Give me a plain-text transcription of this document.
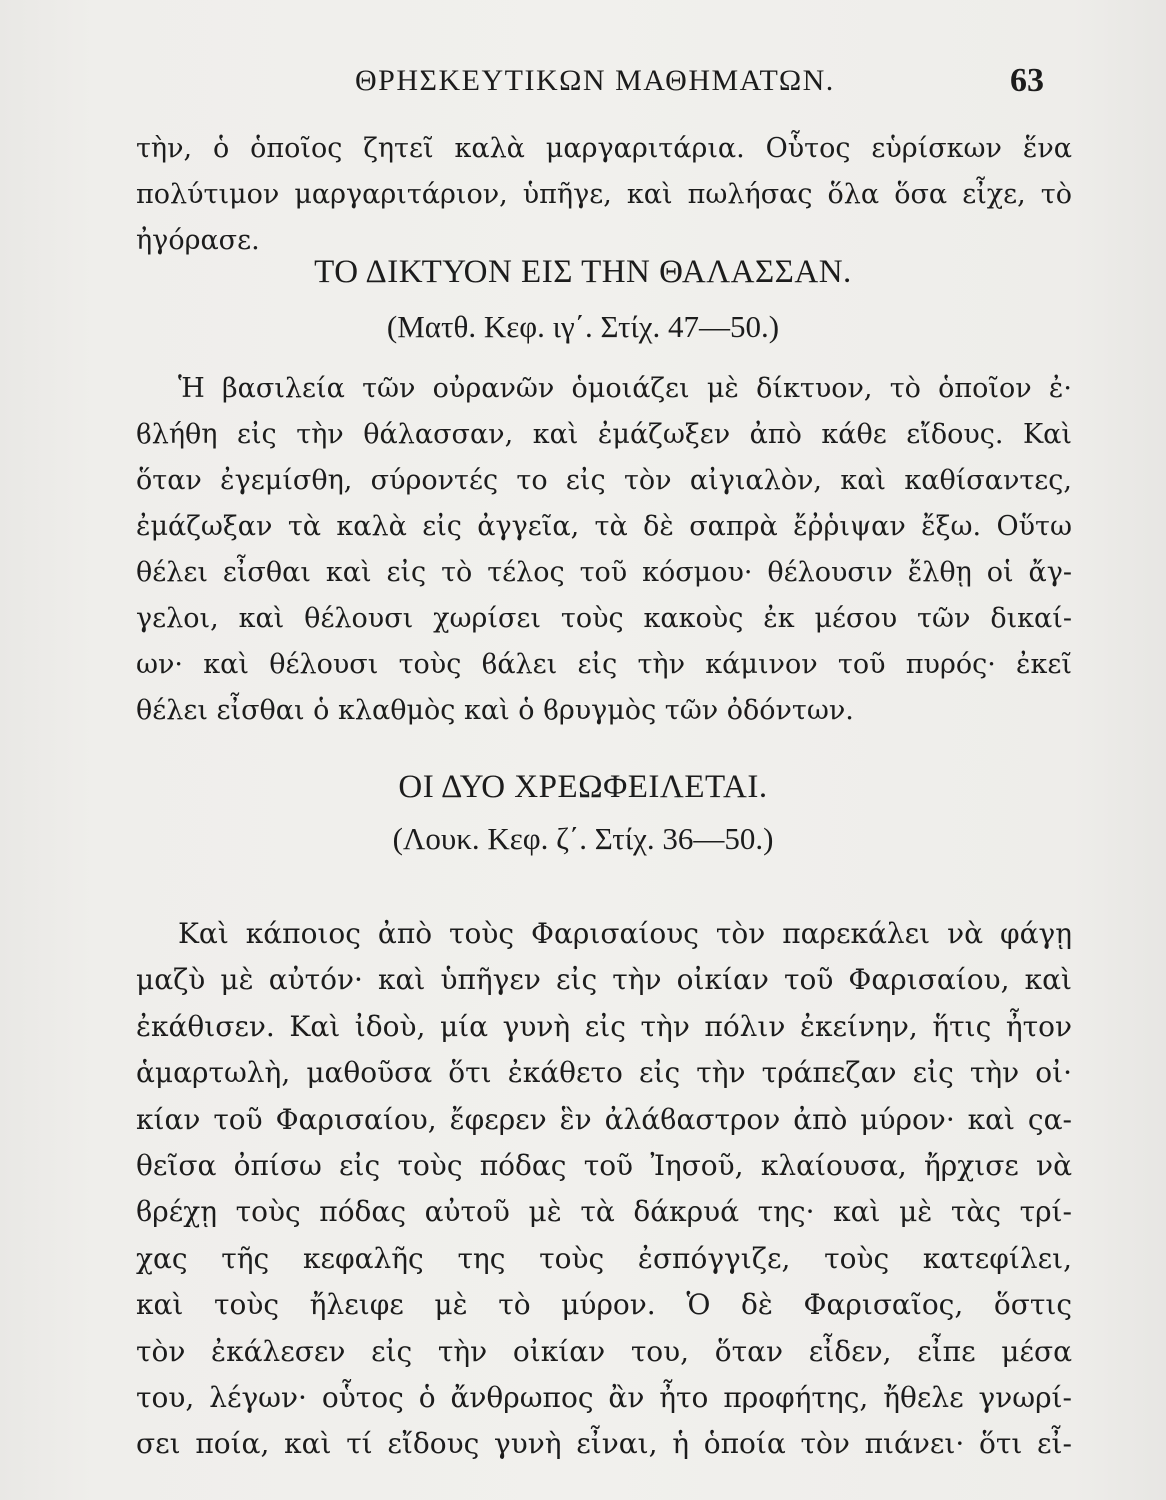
ΘΡΗΣΚΕΥΤΙΚΩΝ ΜΑΘΗΜΑΤΩΝ.	63
τὴν, ὁ ὁποῖος ζητεῖ καλὰ μαργαριτάρια. Οὗτος εὑρίσκων ἕνα
πολύτιμον μαργαριτάριον, ὑπῆγε, καὶ πωλήσας ὅλα ὅσα εἶχε, τὸ
ἠγόρασε.
ΤΟ ΔΙΚΤΥΟΝ ΕΙΣ ΤΗΝ ΘΑΛΑΣΣΑΝ.
(Ματθ. Κεφ. ιγ΄. Στίχ. 47—50.)
Ἡ βασιλεία τῶν οὐρανῶν ὁμοιάζει μὲ δίκτυον, τὸ ὁποῖον ἐ·
ϐλήθη εἰς τὴν θάλασσαν, καὶ ἐμάζωξεν ἀπὸ κάθε εἴδους. Καὶ
ὅταν ἐγεμίσθη, σύροντές το εἰς τὸν αἰγιαλὸν, καὶ καθίσαντες,
ἐμάζωξαν τὰ καλὰ εἰς ἀγγεῖα, τὰ δὲ σαπρὰ ἔῤῥιψαν ἔξω. Οὕτω
θέλει εἶσθαι καὶ εἰς τὸ τέλος τοῦ κόσμου· θέλουσιν ἔλθῃ οἱ ἄγ-
γελοι, καὶ θέλουσι χωρίσει τοὺς κακοὺς ἐκ μέσου τῶν δικαί-
ων· καὶ θέλουσι τοὺς ϐάλει εἰς τὴν κάμινον τοῦ πυρός· ἐκεῖ
θέλει εἶσθαι ὁ κλαθμὸς καὶ ὁ ϐρυγμὸς τῶν ὀδόντων.
ΟΙ ΔΥΟ ΧΡΕΩΦΕΙΛΕΤΑΙ.
(Λουκ. Κεφ. ζ΄. Στίχ. 36—50.)
Καὶ κάποιος ἀπὸ τοὺς Φαρισαίους τὸν παρεκάλει νὰ φάγῃ
μαζὺ μὲ αὐτόν· καὶ ὑπῆγεν εἰς τὴν οἰκίαν τοῦ Φαρισαίου, καὶ
ἐκάθισεν. Καὶ ἰδοὺ, μία γυνὴ εἰς τὴν πόλιν ἐκείνην, ἥτις ἦτον
ἁμαρτωλὴ, μαθοῦσα ὅτι ἐκάθετο εἰς τὴν τράπεζαν εἰς τὴν οἰ·
κίαν τοῦ Φαρισαίου, ἔφερεν ἓν ἀλάϐαστρον ἀπὸ μύρον· καὶ ςα-
θεῖσα ὀπίσω εἰς τοὺς πόδας τοῦ Ἰησοῦ, κλαίουσα, ἤρχισε νὰ
ϐρέχῃ τοὺς πόδας αὐτοῦ μὲ τὰ δάκρυά της· καὶ μὲ τὰς τρί-
χας τῆς κεφαλῆς της τοὺς ἐσπόγγιζε, τοὺς κατεφίλει,
καὶ τοὺς ἤλειφε μὲ τὸ μύρον. Ὁ δὲ Φαρισαῖος, ὅστις
τὸν ἐκάλεσεν εἰς τὴν οἰκίαν του, ὅταν εἶδεν, εἶπε μέσα
του, λέγων· οὗτος ὁ ἄνθρωπος ἂν ἦτο προφήτης, ἤθελε γνωρί-
σει ποία, καὶ τί εἴδους γυνὴ εἶναι, ἡ ὁποία τὸν πιάνει· ὅτι εἶ-
